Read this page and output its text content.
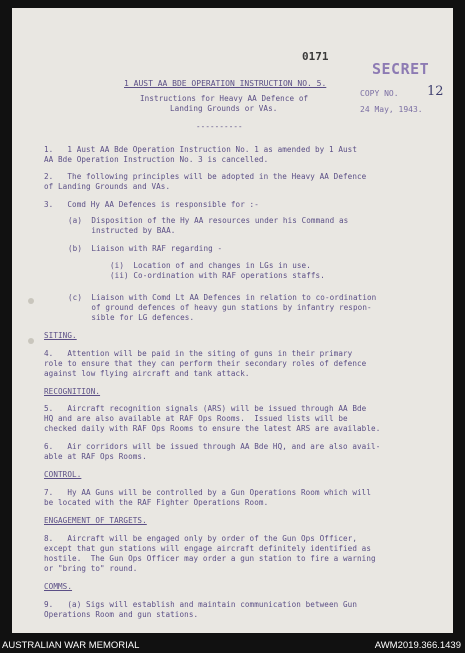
0171
SECRET
COPY NO. 12
24 May, 1943.
1 AUST AA BDE OPERATION INSTRUCTION NO. 5.
Instructions for Heavy AA Defence of
Landing Grounds or VAs.
----------
1.   1 Aust AA Bde Operation Instruction No. 1 as amended by 1 Aust
AA Bde Operation Instruction No. 3 is cancelled.
2.   The following principles will be adopted in the Heavy AA Defence
of Landing Grounds and VAs.
3.   Comd Hy AA Defences is responsible for :-
(a)  Disposition of the Hy AA resources under his Command as
instructed by BAA.
(b)  Liaison with RAF regarding -
(i)  Location of and changes in LGs in use.
(ii) Co-ordination with RAF operations staffs.
(c)  Liaison with Comd Lt AA Defences in relation to co-ordination
of ground defences of heavy gun stations by infantry respon-
sible for LG defences.
SITING.
4.   Attention will be paid in the siting of guns in their primary
role to ensure that they can perform their secondary roles of defence
against low flying aircraft and tank attack.
RECOGNITION.
5.   Aircraft recognition signals (ARS) will be issued through AA Bde
HQ and are also available at RAF Ops Rooms.  Issued lists will be
checked daily with RAF Ops Rooms to ensure the latest ARS are available.
6.   Air corridors will be issued through AA Bde HQ, and are also avail-
able at RAF Ops Rooms.
CONTROL.
7.   Hy AA Guns will be controlled by a Gun Operations Room which will
be located with the RAF Fighter Operations Room.
ENGAGEMENT OF TARGETS.
8.   Aircraft will be engaged only by order of the Gun Ops Officer,
except that gun stations will engage aircraft definitely identified as
hostile.  The Gun Ops Officer may order a gun station to fire a warning
or "bring to" round.
COMMS.
9.   (a) Sigs will establish and maintain communication between Gun
Operations Room and gun stations.
AUSTRALIAN WAR MEMORIAL	AWM2019.366.1439
